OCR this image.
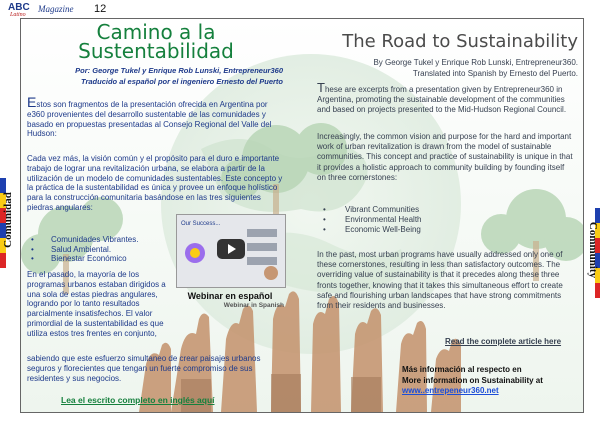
ABC
Latino
Magazine 12
Comunidad
Community
Camino a la
Sustentabilidad
Por: George Tukel y Enrique Rob Lunski, Entrepreneur360
Traducido al español por el ingeniero Ernesto del Puerto
Estos son fragmentos de la presentación ofrecida en Argentina por e360 provenientes del desarrollo sustentable de las comunidades y basado en propuestas presentadas al Consejo Regional del Valle del Hudson:
Cada vez más, la visión común y el propósito para el duro e importante trabajo de lograr una revitalización urbana, se elabora a partir de la utilización de un modelo de comunidades sustentables. Este concepto y la práctica de la sustentabilidad es única y provee un enfoque holístico para la construcción comunitaria basándose en las tres siguientes piedras angulares:
• Comunidades Vibrantes.
• Salud Ambiental.
• Bienestar Económico
En el pasado, la mayoría de los programas urbanos estaban dirigidos a una sola de estas piedras angulares, logrando por lo tanto resultados parcialmente insatisfechos. El valor primordial de la sustentabilidad es que utiliza estos tres frentes en conjunto,
sabiendo que este esfuerzo simultaneo de crear paisajes urbanos seguros y florecientes que tengan un fuerte compromiso de sus residentes y sus negocios.
Lea el escrito completo en inglés aquí
Our Success...
Webinar en español
Webinar in Spanish
The Road to Sustainability
By George Tukel y Enrique Rob Lunski, Entrepreneur360.
Translated into Spanish by Ernesto del Puerto.
These are excerpts from a presentation given by Entrepreneur360 in Argentina, promoting the sustainable development of the communities and based on projects presented to the Mid-Hudson Regional Council.
Increasingly, the common vision and purpose for the hard and important work of urban revitalization is drawn from the model of sustainable communities. This concept and practice of sustainability is unique in that it provides a holistic approach to community building by founding itself on three cornerstones:
• Vibrant Communities
• Environmental Health
• Economic Well-Being
In the past, most urban programs have usually addressed only one of these cornerstones, resulting in less than satisfactory outcomes. The overriding value of sustainability is that it precedes along these three fronts together, knowing that it takes this simultaneous effort to create safe and flourishing urban landscapes that have strong commitments from their residents and businesses.
Read the complete article here
Más información al respecto en
More information on Sustainability at
www..entrepeneur360.net
